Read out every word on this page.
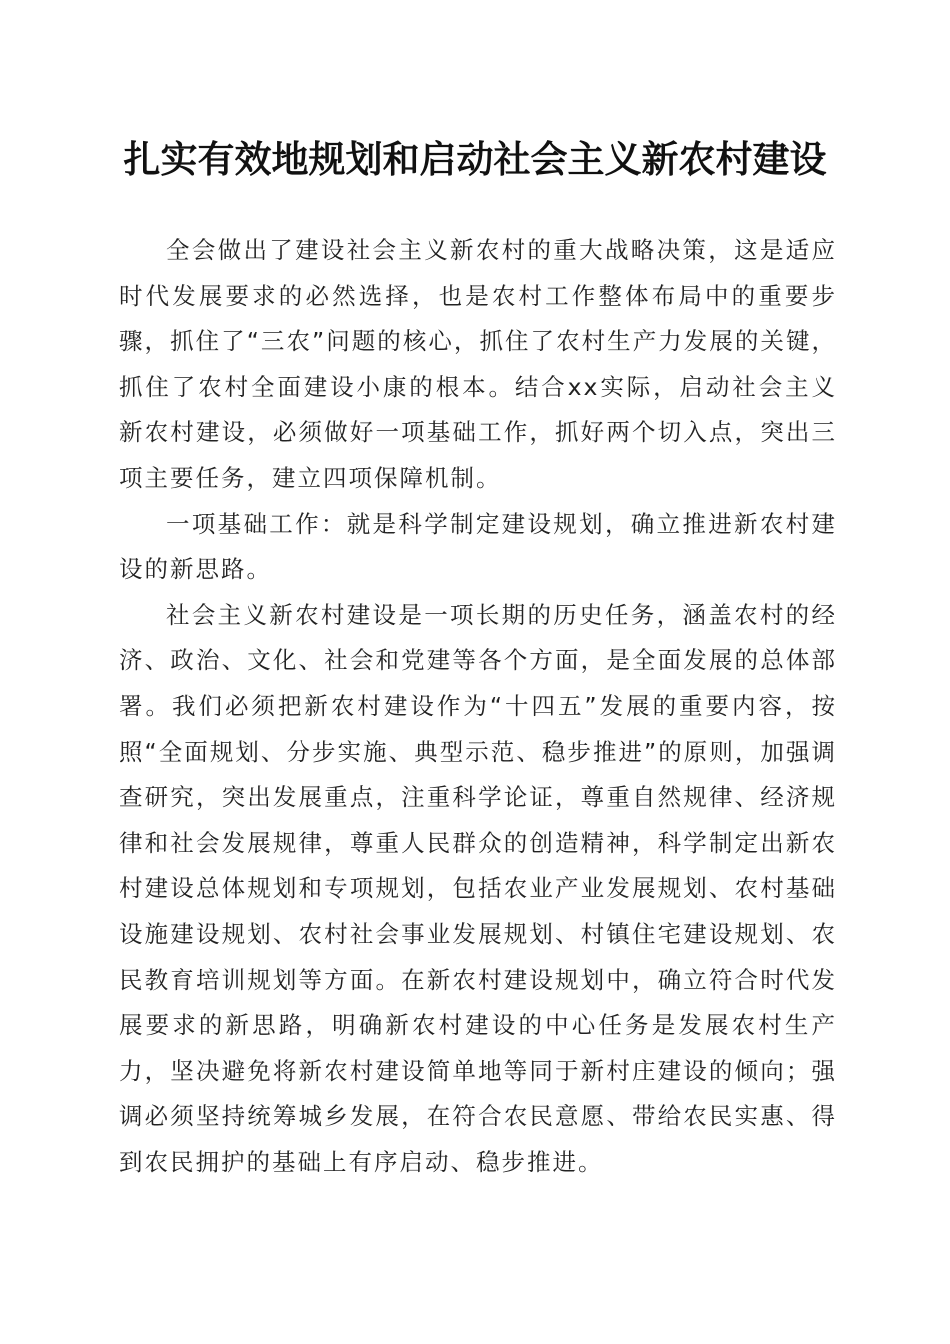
扎实有效地规划和启动社会主义新农村建设

全会做出了建设社会主义新农村的重大战略决策，这是适应时代发展要求的必然选择，也是农村工作整体布局中的重要步骤，抓住了“三农”问题的核心，抓住了农村生产力发展的关键，抓住了农村全面建设小康的根本。结合xx实际，启动社会主义新农村建设，必须做好一项基础工作，抓好两个切入点，突出三项主要任务，建立四项保障机制。

一项基础工作：就是科学制定建设规划，确立推进新农村建设的新思路。

社会主义新农村建设是一项长期的历史任务，涵盖农村的经济、政治、文化、社会和党建等各个方面，是全面发展的总体部署。我们必须把新农村建设作为“十四五”发展的重要内容，按照“全面规划、分步实施、典型示范、稳步推进”的原则，加强调查研究，突出发展重点，注重科学论证，尊重自然规律、经济规律和社会发展规律，尊重人民群众的创造精神，科学制定出新农村建设总体规划和专项规划，包括农业产业发展规划、农村基础设施建设规划、农村社会事业发展规划、村镇住宅建设规划、农民教育培训规划等方面。在新农村建设规划中，确立符合时代发展要求的新思路，明确新农村建设的中心任务是发展农村生产力，坚决避免将新农村建设简单地等同于新村庄建设的倾向；强调必须坚持统筹城乡发展，在符合农民意愿、带给农民实惠、得到农民拥护的基础上有序启动、稳步推进。
